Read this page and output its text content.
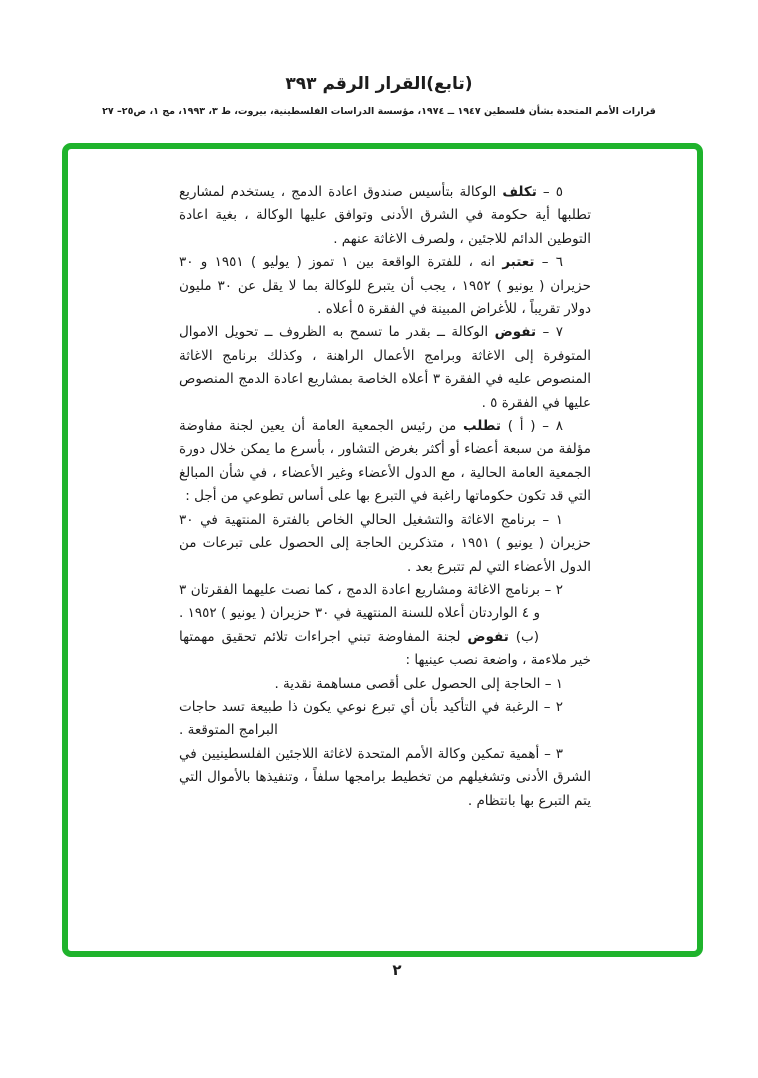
(تابع)القرار الرقم ٣٩٣
قرارات الأمم المتحدة بشأن فلسطين ١٩٤٧ ــ ١٩٧٤، مؤسسة الدراسات الفلسطينية، بيروت، ط ٣، ١٩٩٣، مج ١، ص٢٥– ٢٧

٥ – تكلف الوكالة بتأسيس صندوق اعادة الدمج ، يستخدم لمشاريع تطلبها أية حكومة في الشرق الأدنى وتوافق عليها الوكالة ، بغية اعادة التوطين الدائم للاجئين ، ولصرف الاغاثة عنهم .

٦ – تعتبر انه ، للفترة الواقعة بين ١ تموز ( يوليو ) ١٩٥١ و ٣٠ حزيران ( يونيو ) ١٩٥٢ ، يجب أن يتبرع للوكالة بما لا يقل عن ٣٠ مليون دولار تقريباً ، للأغراض المبينة في الفقرة ٥ أعلاه .

٧ – تفوض الوكالة ــ بقدر ما تسمح به الظروف ــ تحويل الاموال المتوفرة إلى الاغاثة وبرامج الأعمال الراهنة ، وكذلك برنامج الاغاثة المنصوص عليه في الفقرة ٣ أعلاه الخاصة بمشاريع اعادة الدمج المنصوص عليها في الفقرة ٥ .

٨ – ( أ ) تطلب من رئيس الجمعية العامة أن يعين لجنة مفاوضة مؤلفة من سبعة أعضاء أو أكثر بغرض التشاور ، بأسرع ما يمكن خلال دورة الجمعية العامة الحالية ، مع الدول الأعضاء وغير الأعضاء ، في شأن المبالغ التي قد تكون حكوماتها راغبة في التبرع بها على أساس تطوعي من أجل :

١ – برنامج الاغاثة والتشغيل الحالي الخاص بالفترة المنتهية في ٣٠ حزيران ( يونيو ) ١٩٥١ ، متذكرين الحاجة إلى الحصول على تبرعات من الدول الأعضاء التي لم تتبرع بعد .

٢ – برنامج الاغاثة ومشاريع اعادة الدمج ، كما نصت عليهما الفقرتان ٣ و ٤ الواردتان أعلاه للسنة المنتهية في ٣٠ حزيران ( يونيو ) ١٩٥٢ .

(ب) تفوض لجنة المفاوضة تبني اجراءات تلائم تحقيق مهمتها خير ملاءمة ، واضعة نصب عينيها :

١ – الحاجة إلى الحصول على أقصى مساهمة نقدية .

٢ – الرغبة في التأكيد بأن أي تبرع نوعي يكون ذا طبيعة تسد حاجات البرامج المتوقعة .

٣ – أهمية تمكين وكالة الأمم المتحدة لاغاثة اللاجئين الفلسطينيين في الشرق الأدنى وتشغيلهم من تخطيط برامجها سلفاً ، وتنفيذها بالأموال التي يتم التبرع بها بانتظام .

٢
